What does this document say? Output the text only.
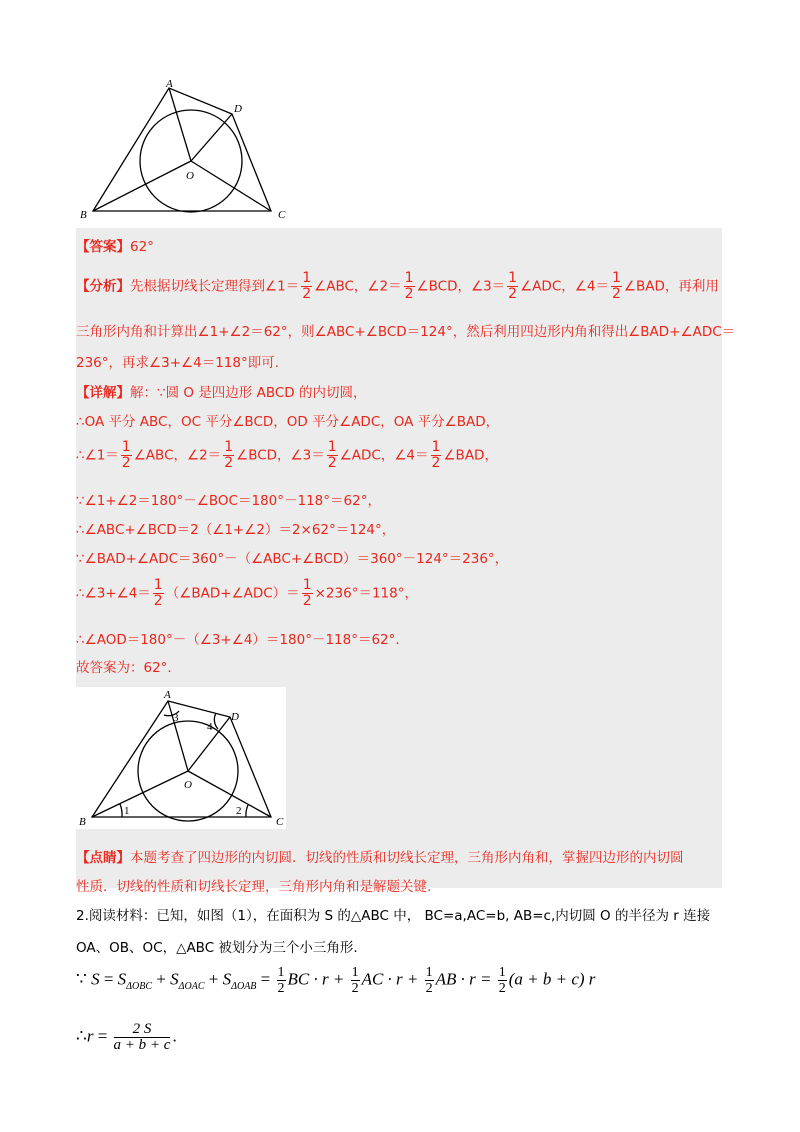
A
D
O
B	C
【答案】62°
【分析】先根据切线长定理得到∠1＝ $\frac{1}{2}$ ∠ABC，∠2＝ $\frac{1}{2}$ ∠BCD，∠3＝ $\frac{1}{2}$ ∠ADC，∠4＝ $\frac{1}{2}$ ∠BAD，再利用
三角形内角和计算出∠1+∠2＝62°，则∠ABC+∠BCD＝124°，然后利用四边形内角和得出∠BAD+∠ADC＝
236°，再求∠3+∠4＝118°即可.
【详解】解：∵圆 O 是四边形 ABCD 的内切圆，
∴OA 平分 ABC，OC 平分∠BCD，OD 平分∠ADC，OA 平分∠BAD，
∴∠1＝ $\frac{1}{2}$ ∠ABC，∠2＝ $\frac{1}{2}$ ∠BCD，∠3＝ $\frac{1}{2}$ ∠ADC，∠4＝ $\frac{1}{2}$ ∠BAD，
∵∠1+∠2＝180°－∠BOC＝180°－118°＝62°，
∴∠ABC+∠BCD＝2（∠1+∠2）＝2×62°＝124°，
∵∠BAD+∠ADC＝360°－（∠ABC+∠BCD）＝360°－124°＝236°，
∴∠3+∠4＝ $\frac{1}{2}$ （∠BAD+∠ADC）＝ $\frac{1}{2} \times 236^\circ=118^\circ$，
∴∠AOD＝180°－（∠3+∠4）＝180°－118°＝62°.
故答案为：62°.
A
D
O
B	C
1	2
3
4
【点睛】本题考查了四边形的内切圆．切线的性质和切线长定理，三角形内角和，掌握四边形的内切圆
性质．切线的性质和切线长定理，三角形内角和是解题关键.
2.阅读材料：已知，如图（1），在面积为 S 的△ABC 中， BC=a,AC=b, AB=c,内切圆 O 的半径为 r 连接
OA、OB、OC，△ABC 被划分为三个小三角形.
∵ $S = S_{\Delta OBC} + S_{\Delta OAC} + S_{\Delta OAB} = \frac{1}{2}$ BC · $r + \frac{1}{2}$ AC · $r + \frac{1}{2}$ AB · $r = \frac{1}{2} (a + b + c)$ r
∴r = $\frac{2 S}{a + b + c}$ .
